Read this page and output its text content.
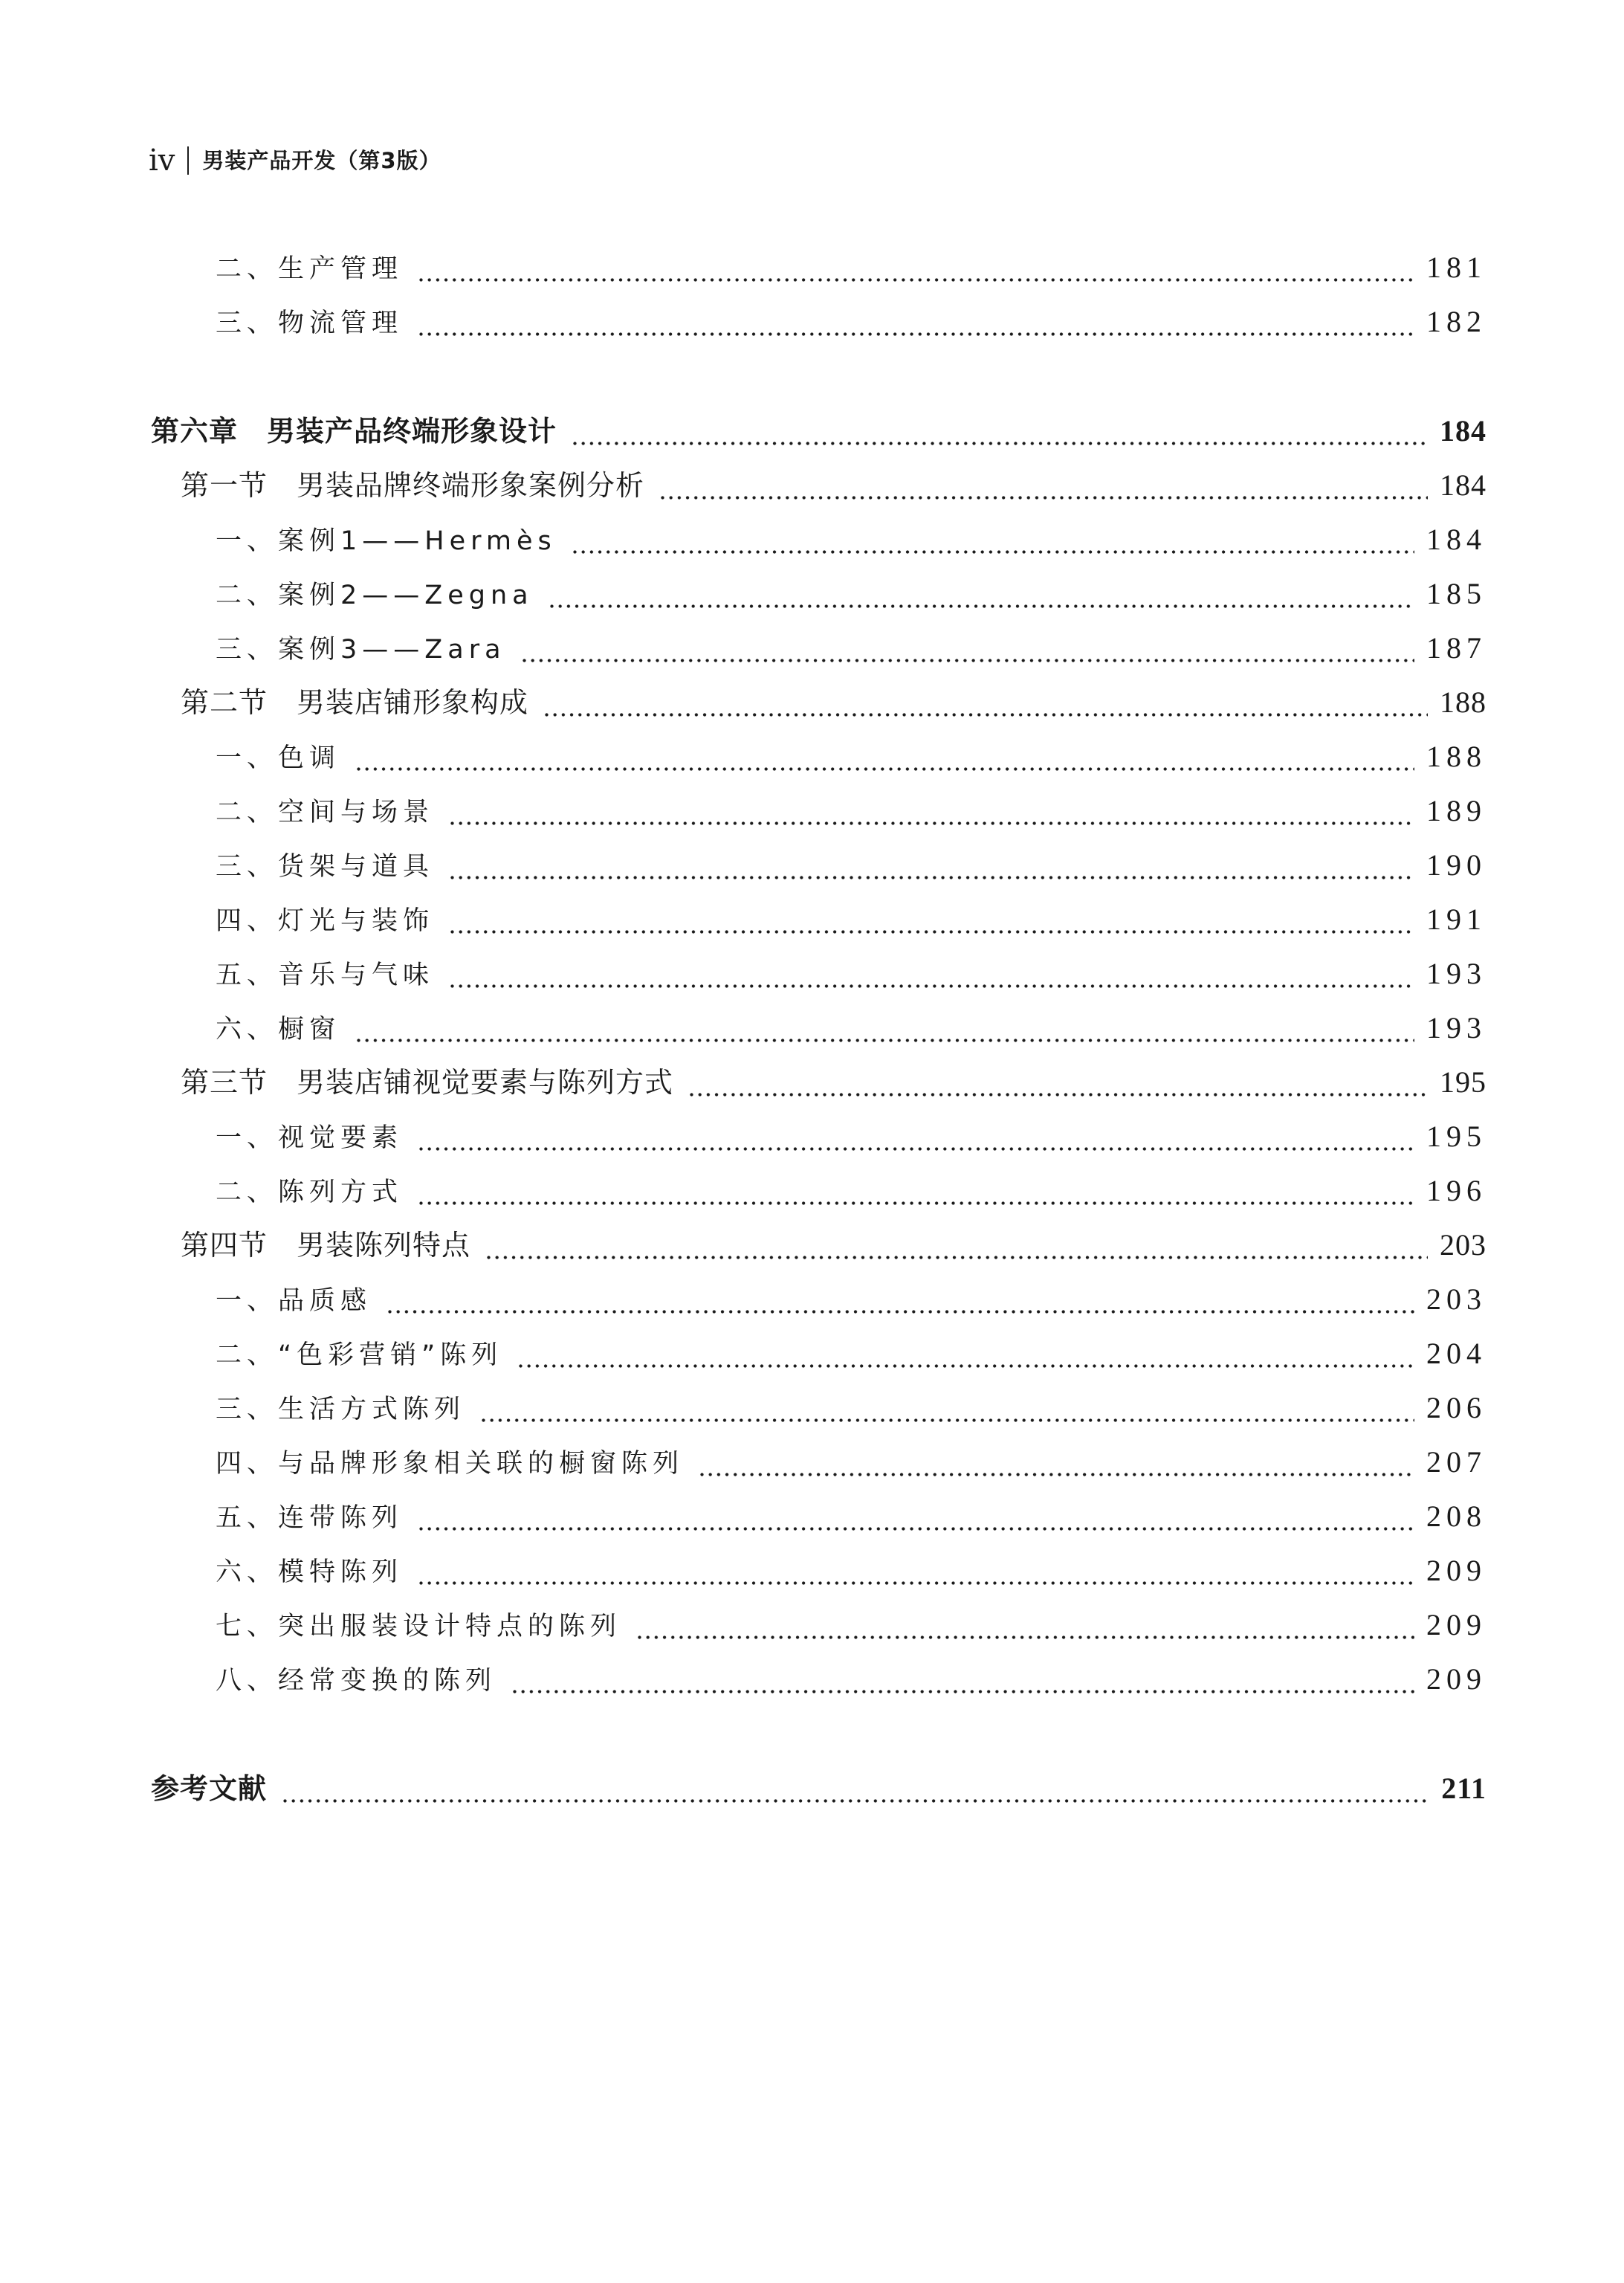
ⅳ 男装产品开发（第3版）
二、生产管理	181
三、物流管理	182
第六章　男装产品终端形象设计	184
第一节　男装品牌终端形象案例分析	184
一、案例1——Hermès	184
二、案例2——Zegna	185
三、案例3——Zara	187
第二节　男装店铺形象构成	188
一、色调	188
二、空间与场景	189
三、货架与道具	190
四、灯光与装饰	191
五、音乐与气味	193
六、橱窗	193
第三节　男装店铺视觉要素与陈列方式	195
一、视觉要素	195
二、陈列方式	196
第四节　男装陈列特点	203
一、品质感	203
二、“色彩营销”陈列	204
三、生活方式陈列	206
四、与品牌形象相关联的橱窗陈列	207
五、连带陈列	208
六、模特陈列	209
七、突出服装设计特点的陈列	209
八、经常变换的陈列	209
参考文献	211
